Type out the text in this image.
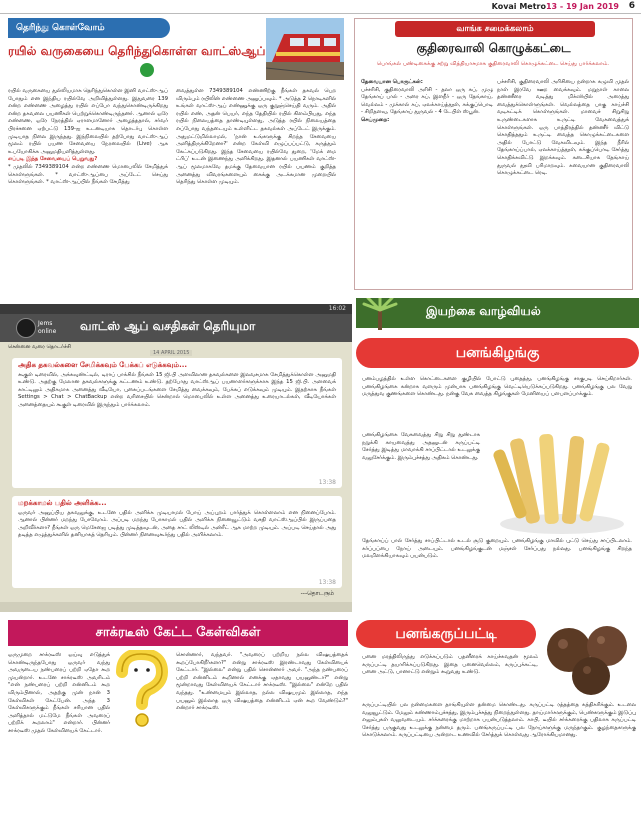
Kovai Metro 13 - 19 Jan 2019 6
தெரிந்து கொள்வோம்
ரயில் வருகையை தெரிந்துகொள்ள வாட்ஸ்ஆப்
ரயில் வருகையை துல்லியமாக தெரிந்துகொள்ள இனி வாட்ஸ்-ஆப் போதும் என இந்திய ரயில்வே அறிவித்துள்ளது. இதுவரை 139 என்ற எண்ணை அழைத்து ரயில் எப்போ வந்துகொண்டிருக்கிறது என்ற தகவலை பயணிகள் பெற்றுக்கொண்டிருந்தனர். ஆனால் ஒரே எண்ணை, ஒரே நேரத்தில் ஏராளமானோர் அழைத்ததால், சர்வர் பிரச்சனை ஏற்பட்டு 139-ஐ உடனடியாக தொடர்பு கொள்ள முடியாத நிலை இருந்தது. இந்நிலையில் தற்போது வாட்ஸ்-ஆப் மூலம் ரயில் பயண சேவையை நேரலையில் (Live) ஆக உபயோகிக்க அனுமதியளித்துள்ளது.
எப்படி இந்த சேவையைப் பெறுவது?
* முதலில் 7349389104 என்ற எண்ணை மொபைலில் சேமித்துக் கொள்ளுங்கள். * வாட்ஸ்-ஆப்பை அப்டேட் செய்து கொள்ளுங்கள். * வாட்ஸ்-ஆப்பில் நீங்கள் சேமித்து
வைத்துள்ள 7349389104 எண்ணிற்கு நீங்கள் தகவல் பெற விரும்பும் ரயிலின் எண்ணை அனுப்பவும். * அடுத்த 2 நொடிகளில் உங்கள் வாட்ஸ்-ஆப் எண்ணுக்கு ஒரு குறுஞ்செய்தி வரும். அதில் ரயில் எண், அதன் பெயர், எந்த தேதியில் ரயில் கிளம்பியது, எந்த ரயில் நிலையத்தை தாண்டியுள்ளது, அடுத்த ரயில் நிலையத்தை எப்போது வந்தடையும் உள்ளிட்ட தகவல்கள் அப்டேட் இருக்கும். அதுமட்டுமில்லாமல், 'நான் உங்களுக்கு சிறந்த சேவையை அளித்திருக்கிறேனா?' என்ற கேள்வி எழுப்பப்பட்டு, கருத்தும் கேட்கப்படுகிறது. இந்த சேவையை ரயில்வே துறை, 'மேக் மை ட்ரிப்' உடன் இணைந்து அளிக்கிறது. இதனால் பயணிகள் வாட்ஸ்-ஆப் மூலமாகவே தமக்கு தேவையான ரயில் பயணம் குறித்த அனைத்து விவரங்களையும் கைக்கு அடக்கமான முறையில் தெரிந்து கொள்ள முடியும்.
வாங்க சமைக்கலாம்
குதிரைவாலி கொழுக்கட்டை
பொங்கல் பண்டிகைக்கு சற்று வித்தியாசமாக குதிரைவாலி கொழுக்கட்டை செய்து பார்க்கலாம்.
தேவையான பொருட்கள்:
பச்சரிசி, குதிரைவாலி அரிசி - தலா ஒரு கப், முழு தேங்காய் பால் - அரை கப், இளநீர் - ஒரு தேங்காய், வெல்லம் - முக்கால் கப், ஏலக்காய்த்தூள், சுக்குப்பொடி - சிறிதளவு, தேங்காய் துருவல் - 4 டேபிள் ஸ்பூன்.
செய்முறை:
பச்சரிசி, குதிரைவாலி அரிசியை நன்றாக கழுவி முதல் நாள் இரவே ஊற வைக்கவும். மறுநாள் காலை தண்ணீரை வடித்து மிக்ஸியில் அரைத்து வைத்துக்கொள்ளுங்கள். வெல்லத்தை பாகு காய்ச்சி வடிகட்டிக் கொள்ளுங்கள். மாவைச் சிறுசிறு உருண்டைகளாக உருட்டி வேகவைத்துக் கொள்ளுங்கள். ஒரு பாத்திரத்தில் தண்ணீர் விட்டு கொதித்ததும் உருட்டி வைத்த கொழுக்கட்டைகளை அதில் போட்டு வேகவிடவும். இந்த நீரில் தேங்காய்ப்பால், ஏலக்காய்த்தூள், சுக்குப்பொடி சேர்த்து கொதிக்கவிட்டு இறக்கவும். கடைசியாக தேங்காய் துருவல் தூவி பரிமாறவும். சுவையான குதிரைவாலி கொழுக்கட்டை ரெடி.
16:02
Jems
online வாட்ஸ் ஆப் வசதிகள் தெரியுமா
சென்னை வரை தொடர்ச்சி
14 APRIL 2015
அதிக தகவல்களை சேமிக்கவும் பேக்கப் எடுக்கவும்...
கூகுள் டிரைவில், அக்கவுண்ட்டில், டிராப் பாக்சில் நீங்கள் 15 ஜி.பி அளவிலான தகவல்களை இலவசமாக சேமித்துக்கொள்ள அனுமதி உண்டு. அதற்கு மேலான தகவல்களுக்கு கட்டணம் உண்டு. தற்போது வாட்ஸ்ஆப் பயனாளர்களுக்காக இந்த 15 ஜி.பி. அளவைக் காட்டிலும் அதிகமாக அனைத்து வீடியோ, புகைப்படங்களை சேமித்து வைக்கவும், பேக்கப் எடுக்கவும் முடியும். இதற்காக நீங்கள் Settings > Chat > ChatBackup என்ற வரிசையில் சென்றால் மொபைலில் உள்ள அனைத்து உரையாடல்கள், வீடியோக்கள் அனைத்தையும் கூகுள் டிரைவில் இருந்தும் பார்க்கலாம்.
13:38
மறக்காமல் பதில் அளிக்க...
ஒருவர் அனுப்பிய தகவலுக்கு, உடனே பதில் அளிக்க முடியாமல் போய் அப்புறம் பார்த்துக் கொள்ளலாம் என நினைப்போம். ஆனால் பின்னர் மறந்து போவோம். அப்படி மறந்து போகாமல் பதில் அளிக்க நினைவூட்டும் வசதி வாட்ஸ்ஆப்பில் இருப்பதை அறிவீர்களா? நீங்கள் ஒரு மெசேஜை படித்து முடித்தவுடன், அதை சாட் லிஸ்டில் அன்ரீட் ஆக மாற்ற முடியும். அப்படி செய்தால் அது தடித்த எழுத்துக்களில் தனியாகத் தெரியும். பின்னர் நினைவுகூர்ந்து பதில் அளிக்கலாம்.
13:38
---தொடரும்
சாக்ரடீஸ் கேட்ட கேள்விகள்
ஒருமுறை சாக்ரடீஸ் ஒய்வு எடுத்துக் கொண்டிருந்தபோது ஒருவர் வந்து அவருடைய நண்பரைப் பற்றி ஏதோ கூற முயன்றார். உடனே சாக்ரடீஸ் அவரிடம் "என் நண்பரைப் பற்றி என்னிடம் கூற விரும்பினால், அதற்கு முன் நான் 3 கேள்விகள் கேட்பேன். அந்த 3 கேள்விகளுக்கும் நீங்கள் சரியான பதில் அளித்தால் மட்டுமே நீங்கள் அவரைப் பற்றிக் கூறலாம்" என்றார். பின்னர் சாக்ரடீஸ் முதல் கேள்வியைக் கேட்டார்.
சொன்னார், வந்தவர். "அவரைப் பற்றிய நல்ல விஷயத்தைக் கூறப்போகிறீர்களா?" என்று சாக்ரடீஸ் இரண்டாவது கேள்வியைக் கேட்டார். "இல்லை" என்று பதில் சொன்னார் அவர். "அந்த நண்பரைப் பற்றி என்னிடம் கூறினால் எனக்கு ஏதாவது பயனுண்டா?" என்று மூன்றாவது கேள்வியைக் கேட்டார் சாக்ரடீஸ். "இல்லை" என்றே பதில் வந்தது. "உண்மையும் இல்லாத, நல்ல விஷயமும் இல்லாத, எந்த பயனும் இல்லாத ஒரு விஷயத்தை என்னிடம் ஏன் கூற வேண்டும்?" என்றார் சாக்ரடீஸ்.
இயற்கை வாழ்வியல்
பனங்கிழங்கு
பனம்பழத்தில் உள்ள கொட்டைகளை குழியில் போட்டு புதைத்து, பனங்கிழங்கு சாகுபடி செய்கிறார்கள். பனங்கிழங்கை கன்றாக வளரும் முன்பாக பனங்கிழங்கு வெட்டியெடுக்கப்படுகிறது. பனங்கிழங்கு பல வேறு மருத்துவ குணங்களை கொண்டது. நன்கு வேக வைத்த கிழங்குகள் மேனியைப் பளபளப்பாக்கும்.
பனங்கிழங்கை வேகவைத்து சிறு சிறு துண்டாக நறுக்கி காயவைத்து அதனுடன் கருப்பட்டி சேர்த்து இடித்து மாவாக்கி சாப்பிட்டால் உடலுக்கு வலுசேர்க்கும். இரும்புச்சத்து அதிகம் கொண்டது.
தேங்காய்ப் பால் சேர்த்து சாப்பிட்டால் உடல் சூடு குறையும். பனங்கிழங்கு மாவில் புட்டு செய்து சாப்பிடலாம். கர்ப்பப்பை நோய் அடையும். பனங்கிழங்குடன் மஞ்சள் சேர்ப்பது நல்லது. பனங்கிழங்கு சிறந்த மலமிளக்கியாகவும் பயன்படும்.
பனங்கருப்பட்டி
பனை மரத்திலிருந்து எடுக்கப்படும் பதனீரைக் காய்ச்சுவதன் மூலம் கருப்பட்டி தயாரிக்கப்படுகிறது. இதை பனைவெல்லம், கருப்புக்கட்டி, பனை அட்டு, பானாட்டு என்றும் கூறுவது உண்டு.
கருப்பட்டியில் பல நன்மைகளை தாங்கியுள்ள தன்மை கொண்டது. கருப்பட்டி ரத்தத்தை சுத்திகரிக்கும். உடலை வலுவூட்டும். மேலும் சுண்ணாம்புச்சத்து, இரும்புச்சத்து நிறைந்துள்ளது. தாய்மார்களுக்கும், பெண்களுக்கும் இடுப்பு எலும்புகள் வலுவடையும். சர்க்கரைக்கு மாற்றாக பயன்படுத்தலாம். காபி, டீயில் சர்க்கரைக்கு பதிலாக கருப்பட்டி சேர்த்து பருகுவது உடலுக்கு நன்மை தரும். பனங்கருப்பட்டி பல நோய்களுக்கு மருந்தாகும். குழந்தைகளுக்கு கொடுக்கலாம். கருப்பட்டியை அன்றாட உணவில் சேர்த்துக் கொள்வது ஆரோக்கியமானது.
